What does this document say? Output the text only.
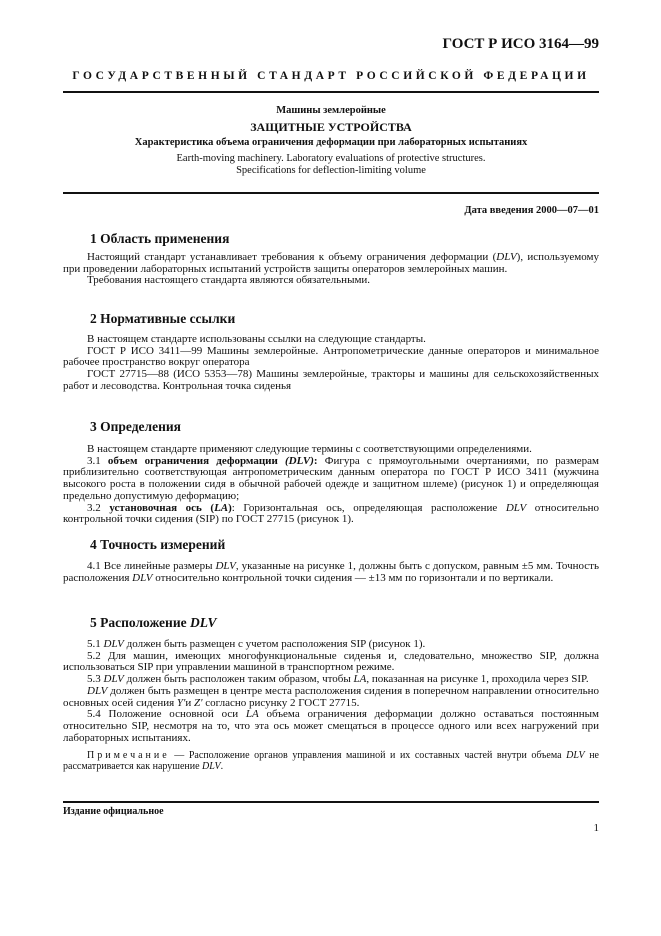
ГОСТ Р ИСО 3164—99
ГОСУДАРСТВЕННЫЙ СТАНДАРТ РОССИЙСКОЙ ФЕДЕРАЦИИ
Машины землеройные
ЗАЩИТНЫЕ УСТРОЙСТВА
Характеристика объема ограничения деформации при лабораторных испытаниях
Earth-moving machinery. Laboratory evaluations of protective structures.
Specifications for deflection-limiting volume
Дата введения 2000—07—01
1 Область применения

Настоящий стандарт устанавливает требования к объему ограничения деформации (DLV), используемому при проведении лабораторных испытаний устройств защиты операторов землеройных машин.

Требования настоящего стандарта являются обязательными.

2 Нормативные ссылки

В настоящем стандарте использованы ссылки на следующие стандарты.

ГОСТ Р ИСО 3411—99 Машины землеройные. Антропометрические данные операторов и минимальное рабочее пространство вокруг оператора

ГОСТ 27715—88 (ИСО 5353—78) Машины землеройные, тракторы и машины для сельскохозяйственных работ и лесоводства. Контрольная точка сиденья

3 Определения

В настоящем стандарте применяют следующие термины с соответствующими определениями.

3.1 объем ограничения деформации (DLV): Фигура с прямоугольными очертаниями, по размерам приблизительно соответствующая антропометрическим данным оператора по ГОСТ Р ИСО 3411 (мужчина высокого роста в положении сидя в обычной рабочей одежде и защитном шлеме) (рисунок 1) и определяющая предельно допустимую деформацию;

3.2 установочная ось (LA): Горизонтальная ось, определяющая расположение DLV относительно контрольной точки сидения (SIP) по ГОСТ 27715 (рисунок 1).

4 Точность измерений

4.1 Все линейные размеры DLV, указанные на рисунке 1, должны быть с допуском, равным ±5 мм. Точность расположения DLV относительно контрольной точки сидения — ±13 мм по горизонтали и по вертикали.

5 Расположение DLV

5.1 DLV должен быть размещен с учетом расположения SIP (рисунок 1).

5.2 Для машин, имеющих многофункциональные сиденья и, следовательно, множество SIP, должна использоваться SIP при управлении машиной в транспортном режиме.

5.3 DLV должен быть расположен таким образом, чтобы LA, показанная на рисунке 1, проходила через SIP.

DLV должен быть размещен в центре места расположения сидения в поперечном направлении относительно основных осей сидения Y'и Z' согласно рисунку 2 ГОСТ 27715.

5.4 Положение основной оси LA объема ограничения деформации должно оставаться постоянным относительно SIP, несмотря на то, что эта ось может смещаться в процессе одного или всех нагружений при лабораторных испытаниях.

Примечание — Расположение органов управления машиной и их составных частей внутри объема DLV не рассматривается как нарушение DLV.

Издание официальное
1
